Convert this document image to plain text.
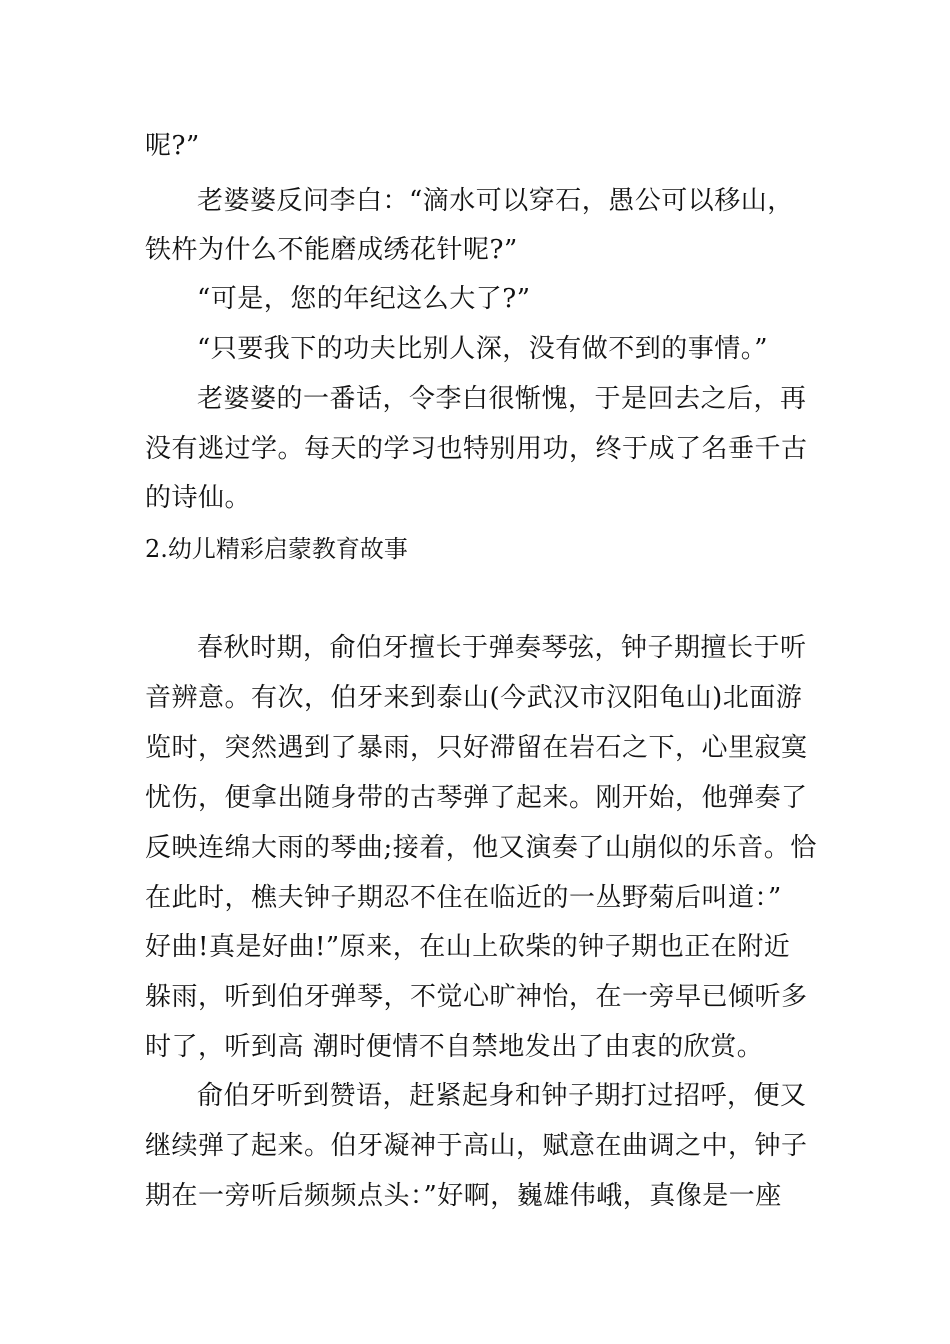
呢?”
老婆婆反问李白：“滴水可以穿石，愚公可以移山，
铁杵为什么不能磨成绣花针呢?”
“可是，您的年纪这么大了?”
“只要我下的功夫比别人深，没有做不到的事情。”
老婆婆的一番话，令李白很惭愧，于是回去之后，再
没有逃过学。每天的学习也特别用功，终于成了名垂千古
的诗仙。
2.幼儿精彩启蒙教育故事
春秋时期，俞伯牙擅长于弹奏琴弦，钟子期擅长于听
音辨意。有次，伯牙来到泰山(今武汉市汉阳龟山)北面游
览时，突然遇到了暴雨，只好滞留在岩石之下，心里寂寞
忧伤，便拿出随身带的古琴弹了起来。刚开始，他弹奏了
反映连绵大雨的琴曲;接着，他又演奏了山崩似的乐音。恰
在此时，樵夫钟子期忍不住在临近的一丛野菊后叫道：”
好曲!真是好曲!”原来，在山上砍柴的钟子期也正在附近
躲雨，听到伯牙弹琴，不觉心旷神怡，在一旁早已倾听多
时了，听到高 潮时便情不自禁地发出了由衷的欣赏。
俞伯牙听到赞语，赶紧起身和钟子期打过招呼，便又
继续弹了起来。伯牙凝神于高山，赋意在曲调之中，钟子
期在一旁听后频频点头：”好啊，巍雄伟峨，真像是一座
